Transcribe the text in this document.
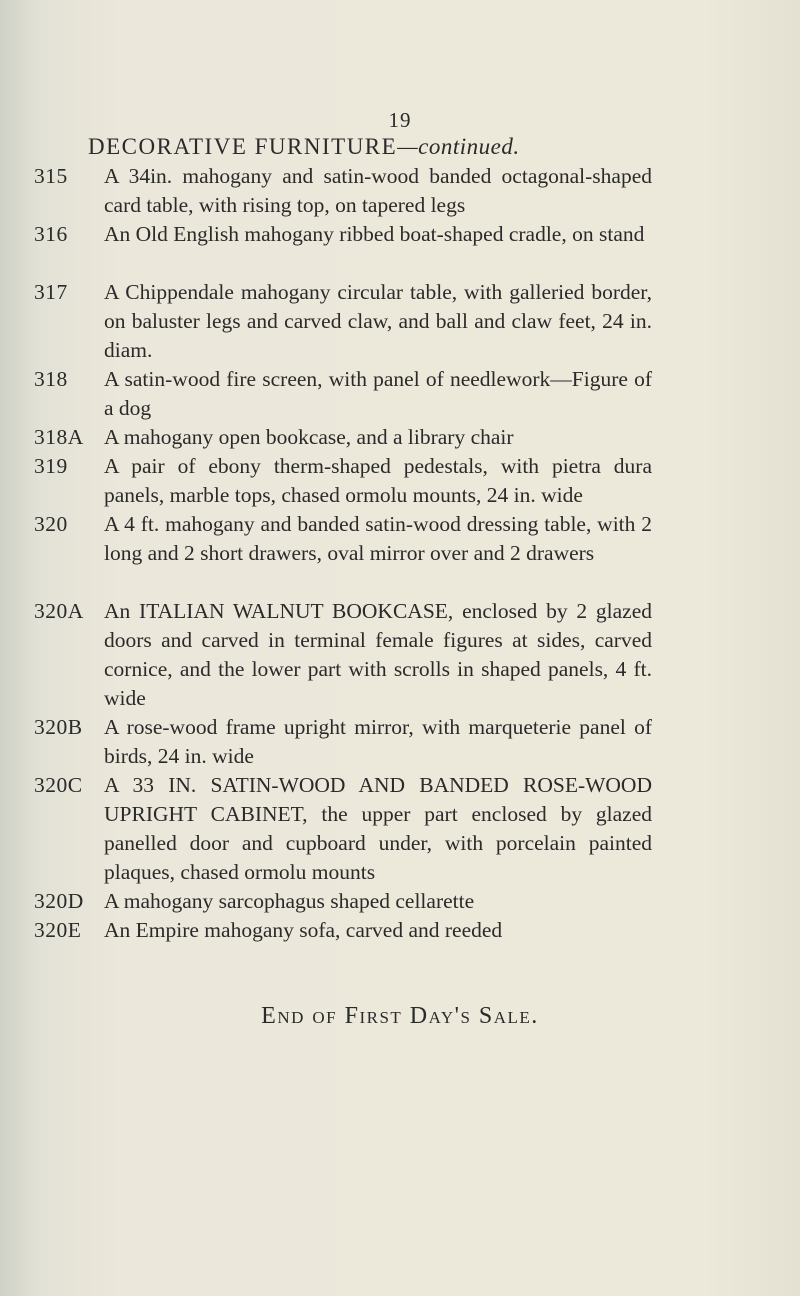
19
DECORATIVE FURNITURE—continued.
315	A 34in. mahogany and satin-wood banded octagonal-shaped card table, with rising top, on tapered legs
316	An Old English mahogany ribbed boat-shaped cradle, on stand
317	A Chippendale mahogany circular table, with galleried border, on baluster legs and carved claw, and ball and claw feet, 24 in. diam.
318	A satin-wood fire screen, with panel of needlework—Figure of a dog
318A A mahogany open bookcase, and a library chair
319	A pair of ebony therm-shaped pedestals, with pietra dura panels, marble tops, chased ormolu mounts, 24 in. wide
320	A 4 ft. mahogany and banded satin-wood dressing table, with 2 long and 2 short drawers, oval mirror over and 2 drawers
320A An ITALIAN WALNUT BOOKCASE, enclosed by 2 glazed doors and carved in terminal female figures at sides, carved cornice, and the lower part with scrolls in shaped panels, 4 ft. wide
320B A rose-wood frame upright mirror, with marqueterie panel of birds, 24 in. wide
320C A 33 IN. SATIN-WOOD AND BANDED ROSE-WOOD UPRIGHT CABINET, the upper part enclosed by glazed panelled door and cupboard under, with porcelain painted plaques, chased ormolu mounts
320D A mahogany sarcophagus shaped cellarette
320E	An Empire mahogany sofa, carved and reeded
End of First Day's Sale.
